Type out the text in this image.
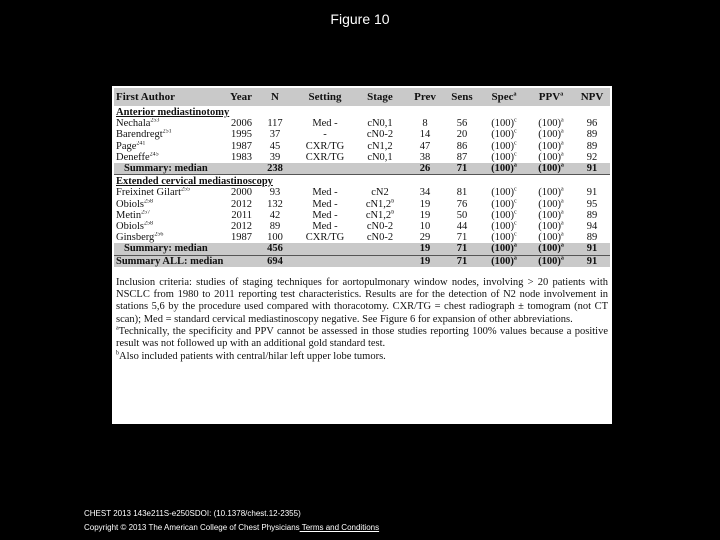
Figure 10
First Author	Year	N	Setting	Stage	Prev	Sens	Spec$^a$	PPV$^a$	NPV
Anterior mediastinotomy									
Nechala$^{253}$	2006	117	Med -	cN0,1	8	56	$(100)^c$	$(100)^a$	96
Barendregt$^{251}$	1995	37	-	cN0-2	14	20	$(100)^c$	$(100)^a$	89
Page$^{241}$	1987	45	CXR/TG	cN1,2	47	86	$(100)^c$	$(100)^a$	89
Deneffe$^{245}$	1983	39	CXR/TG	cN0,1	38	87	$(100)^c$	$(100)^a$	92
Summary: median		238			26	71	$(100)^a$	$(100)^a$	91
Extended cervical mediastinoscopy									
Freixinet Gilart$^{255}$	2000	93	Med -	cN2	34	81	$(100)^c$	$(100)^a$	91
Obiols$^{258}$	2012	132	Med -	cN1,2$^b$	19	76	$(100)^c$	$(100)^a$	95
Metin$^{257}$	2011	42	Med -	cN1,2$^b$	19	50	$(100)^c$	$(100)^a$	89
Obiols$^{258}$	2012	89	Med -	cN0-2	10	44	$(100)^c$	$(100)^a$	94
Ginsberg$^{256}$	1987	100	CXR/TG	cN0-2	29	71	$(100)^c$	$(100)^a$	89
Summary: median		456			19	71	$(100)^a$	$(100)^a$	91
Summary ALL: median		694			19	71	$(100)^a$	$(100)^a$	91

Inclusion criteria: studies of staging techniques for aortopulmonary window nodes, involving > 20 patients with NSCLC from 1980 to 2011 reporting test characteristics. Results are for the detection of N2 node involvement in stations 5,6 by the procedure used compared with thoracotomy. CXR/TG = chest radiograph ± tomogram (not CT scan); Med = standard cervical mediastinoscopy negative. See Figure 6 for expansion of other abbreviations.

$^a$Technically, the specificity and PPV cannot be assessed in those studies reporting 100% values because a positive result was not followed up with an additional gold standard test.

$^b$Also included patients with central/hilar left upper lobe tumors.

CHEST 2013 143e211S-e250SDOI: (10.1378/chest.12-2355)
Copyright © 2013 The American College of Chest Physicians Terms and Conditions
